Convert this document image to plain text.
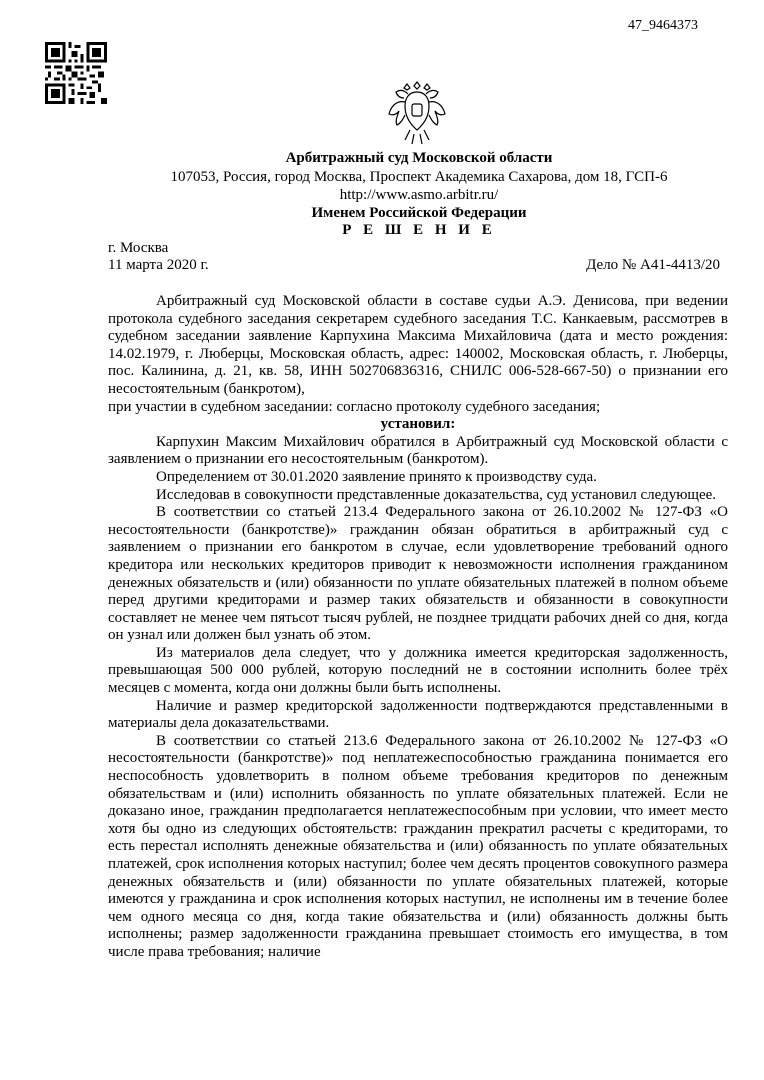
47_9464373
Арбитражный суд Московской области
107053, Россия, город Москва, Проспект Академика Сахарова, дом 18, ГСП-6
http://www.asmo.arbitr.ru/
Именем Российской Федерации
Р Е Ш Е Н И Е
г. Москва
11 марта 2020 г.	Дело № А41-4413/20

Арбитражный суд Московской области в составе судьи А.Э. Денисова, при ведении протокола судебного заседания секретарем судебного заседания Т.С. Канкаевым, рассмотрев в судебном заседании заявление Карпухина Максима Михайловича (дата и место рождения: 14.02.1979, г. Люберцы, Московская область, адрес: 140002, Московская область, г. Люберцы, пос. Калинина, д. 21, кв. 58, ИНН 502706836316, СНИЛС 006-528-667-50) о признании его несостоятельным (банкротом),

при участии в судебном заседании: согласно протоколу судебного заседания;

установил:

Карпухин Максим Михайлович обратился в Арбитражный суд Московской области с заявлением о признании его несостоятельным (банкротом).

Определением от 30.01.2020 заявление принято к производству суда.

Исследовав в совокупности представленные доказательства, суд установил следующее.

В соответствии со статьей 213.4 Федерального закона от 26.10.2002 № 127-ФЗ «О несостоятельности (банкротстве)» гражданин обязан обратиться в арбитражный суд с заявлением о признании его банкротом в случае, если удовлетворение требований одного кредитора или нескольких кредиторов приводит к невозможности исполнения гражданином денежных обязательств и (или) обязанности по уплате обязательных платежей в полном объеме перед другими кредиторами и размер таких обязательств и обязанности в совокупности составляет не менее чем пятьсот тысяч рублей, не позднее тридцати рабочих дней со дня, когда он узнал или должен был узнать об этом.

Из материалов дела следует, что у должника имеется кредиторская задолженность, превышающая 500 000 рублей, которую последний не в состоянии исполнить более трёх месяцев с момента, когда они должны были быть исполнены.

Наличие и размер кредиторской задолженности подтверждаются представленными в материалы дела доказательствами.

В соответствии со статьей 213.6 Федерального закона от 26.10.2002 № 127-ФЗ «О несостоятельности (банкротстве)» под неплатежеспособностью гражданина понимается его неспособность удовлетворить в полном объеме требования кредиторов по денежным обязательствам и (или) исполнить обязанность по уплате обязательных платежей. Если не доказано иное, гражданин предполагается неплатежеспособным при условии, что имеет место хотя бы одно из следующих обстоятельств: гражданин прекратил расчеты с кредиторами, то есть перестал исполнять денежные обязательства и (или) обязанность по уплате обязательных платежей, срок исполнения которых наступил; более чем десять процентов совокупного размера денежных обязательств и (или) обязанности по уплате обязательных платежей, которые имеются у гражданина и срок исполнения которых наступил, не исполнены им в течение более чем одного месяца со дня, когда такие обязательства и (или) обязанность должны быть исполнены; размер задолженности гражданина превышает стоимость его имущества, в том числе права требования; наличие
